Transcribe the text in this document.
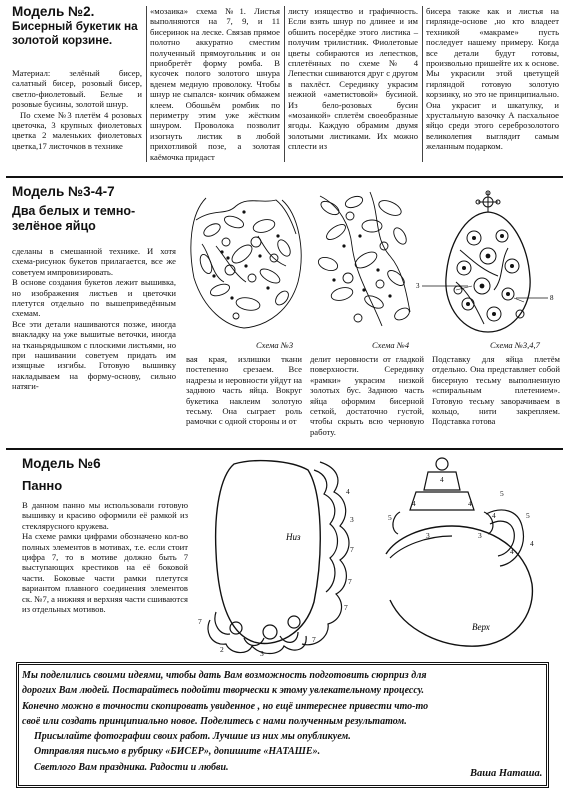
Модель №2.
Бисерный букетик на золотой корзине.

Материал: зелёный бисер, салатный бисер, розовый бисер, светло-фиолетовый. Белые и розовые бусины, золотой шнур.

По схеме №3 плетём 4 розовых цветочка, 3 крупных фиолетовых цветка 2 маленьких фиолетовых цветка,17 листочков в технике

«мозаика» схема №1. Листья выполняются на 7, 9, и 11 бисеринок на леске. Связав прямое полотно аккуратно сместим полученный прямоугольник и он приобретёт форму ромба. В кусочек полого золотого шнура вденем медную проволоку. Чтобы шнур не сыпался- кончик обмажем клеем. Обошьём ромбик по периметру этим уже жёстким шнуром. Проволока позволит изогнуть листик в любой прихотливой позе, а золотая каёмочка придаст

листу изящество и графичность. Если взять шнур по длинее и им обшить посерёдке этого листика – получим трилистник. Фиолетовые цветы собираются из лепестков, сплетённых по схеме № 4 Лепестки сшиваются друг с другом в пахлёст. Серединку украсим нежной «аметистовой» бусиной. Из бело-розовых бусин «мозаикой» сплетём своеобразные ягоды. Каждую обрамим двумя золотыми листиками. Их можно сплести из

бисера также как и листья на гирлянде-основе ,но кто владеет техникой «макраме» пусть последует нашему примеру. Когда все детали будут готовы, произвольно пришейте их к основе. Мы украсили этой цветущей гирляндой готовую золотую корзинку, но это не принципиально. Она украсит и шкатулку, и хрустальную вазочку А пасхальное яйцо среди этого сереброзолотого великолепия выглядит самым желанным подарком.

Модель №3-4-7
Два белых и темно-зелёное яйцо

сделаны в смешанной технике. И хотя схема-рисунок букетов прилагается, все же советуем импровизировать.

В основе создания букетов лежит вышивка, но изображения листьев и цветочки плетутся отдельно по вышеприведённым схемам.

Все эти детали нашиваются позже, иногда внакладку на уже вышитые веточки, иногда на тканьрядышком с плоскими листьями, но при нашивании советуем придать им изящные изгибы. Готовую вышивку накладываем на форму-основу, сильно натяги-

Схема №3	Схема №4
3
8
Схема №3,4,7

вая края, излишки ткани постепенно срезаем. Все надрезы и неровности уйдут на заднюю часть яйца. Вокруг букетика наклеим золотую тесьму. Она сыграет роль рамочки с одной стороны и от

делит неровности от гладкой поверхности. Серединку «рамки» украсим низкой золотых бус. Заднюю часть яйца оформим бисерной сеткой, достаточно густой, чтобы скрыть всю черновую работу.

Подставку для яйца плетём отдельно. Она представляет собой бисерную тесьму выполненную «спиральным плетением». Готовую тесьму заворачиваем в кольцо, нити закрепляем. Подставка готова

Модель №6
Панно

В данном панно мы использовали готовую вышивку и красиво оформили её рамкой из стеклярусного кружева.

На схеме рамки цифрами обозначено кол-во полных элементов в мотивах, т.е. если стоит цифра 7, то в мотиве должно быть 7 выступающих крестиков на её боковой части. Боковые части рамки плетутся вариантом плавного соединения элементов ск. №7, а нижняя и верхняя части сшиваются из отдельных мотивов.

Низ
4
3
7
7
7
7
7
2	3
Верх
4
4	4
5	4
5
5
4
3	3
4
Мы поделились своими идеями, чтобы дать Вам возможность подготовить сюрприз для
дорогих Вам людей. Постарайтесь подойти творчески к этому увлекательному процессу.
Конечно можно в точности скопировать увиденное , но ещё интереснее привести что-то
своё или создать принципиально новое. Поделитесь с нами полученным результатом.
Присылайте фотографии своих работ. Лучшие из них мы опубликуем.
Отправляя письмо в рубрику «БИСЕР», допишите «НАТАШЕ».
Светлого Вам праздника. Радости и любви.
Ваша Наташа.
